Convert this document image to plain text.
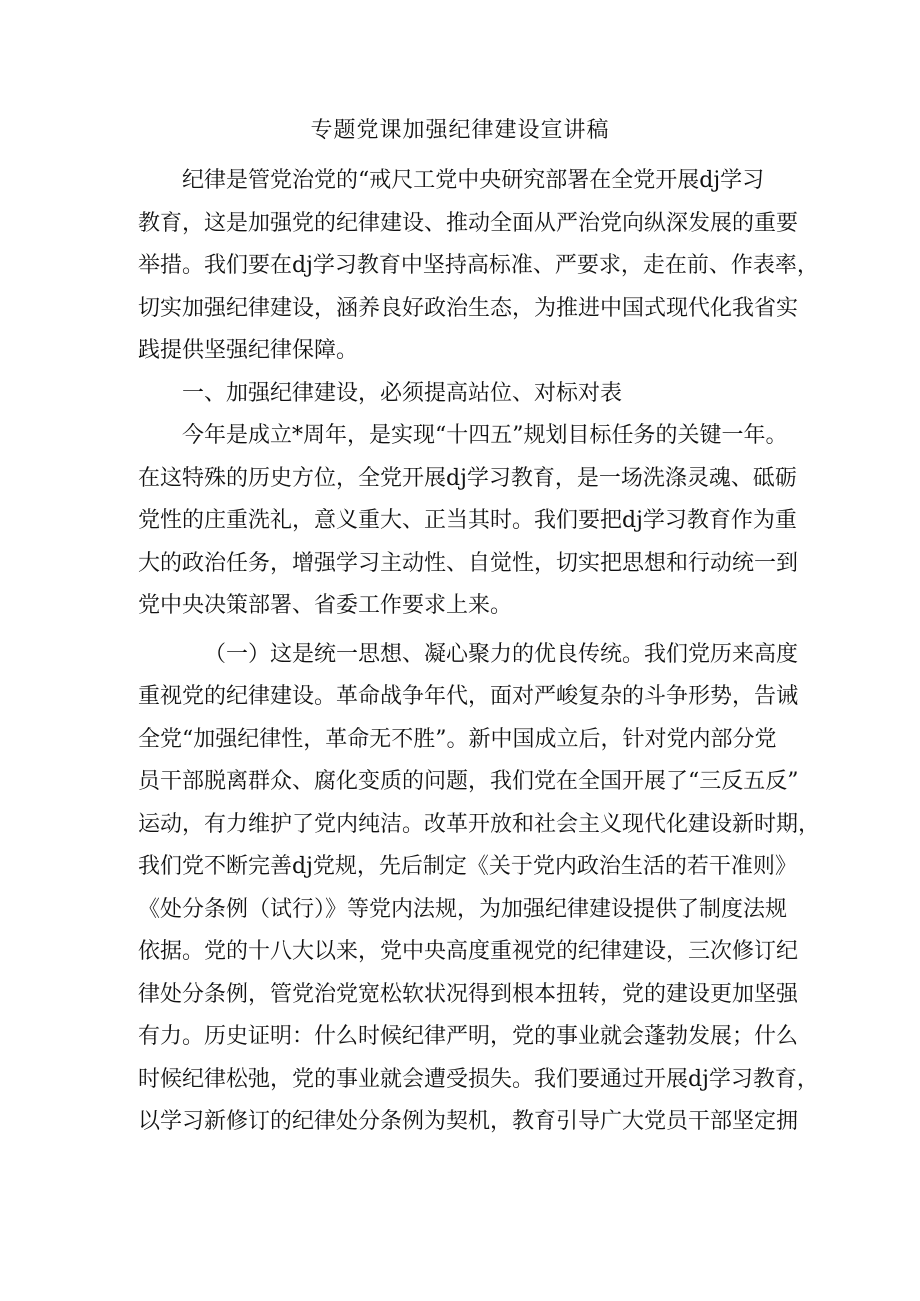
专题党课加强纪律建设宣讲稿
纪律是管党治党的“戒尺工党中央研究部署在全党开展dj学习
教育，这是加强党的纪律建设、推动全面从严治党向纵深发展的重要
举措。我们要在dj学习教育中坚持高标准、严要求，走在前、作表率，
切实加强纪律建设，涵养良好政治生态，为推进中国式现代化我省实
践提供坚强纪律保障。
一、加强纪律建设，必须提高站位、对标对表
今年是成立*周年，是实现“十四五”规划目标任务的关键一年。
在这特殊的历史方位，全党开展dj学习教育，是一场洗涤灵魂、砥砺
党性的庄重洗礼，意义重大、正当其时。我们要把dj学习教育作为重
大的政治任务，增强学习主动性、自觉性，切实把思想和行动统一到
党中央决策部署、省委工作要求上来。
（一）这是统一思想、凝心聚力的优良传统。我们党历来高度
重视党的纪律建设。革命战争年代，面对严峻复杂的斗争形势，告诫
全党“加强纪律性，革命无不胜”。新中国成立后，针对党内部分党
员干部脱离群众、腐化变质的问题，我们党在全国开展了“三反五反”
运动，有力维护了党内纯洁。改革开放和社会主义现代化建设新时期，
我们党不断完善dj党规，先后制定《关于党内政治生活的若干准则》
《处分条例（试行）》等党内法规，为加强纪律建设提供了制度法规
依据。党的十八大以来，党中央高度重视党的纪律建设，三次修订纪
律处分条例，管党治党宽松软状况得到根本扭转，党的建设更加坚强
有力。历史证明：什么时候纪律严明，党的事业就会蓬勃发展；什么
时候纪律松弛，党的事业就会遭受损失。我们要通过开展dj学习教育，
以学习新修订的纪律处分条例为契机，教育引导广大党员干部坚定拥
